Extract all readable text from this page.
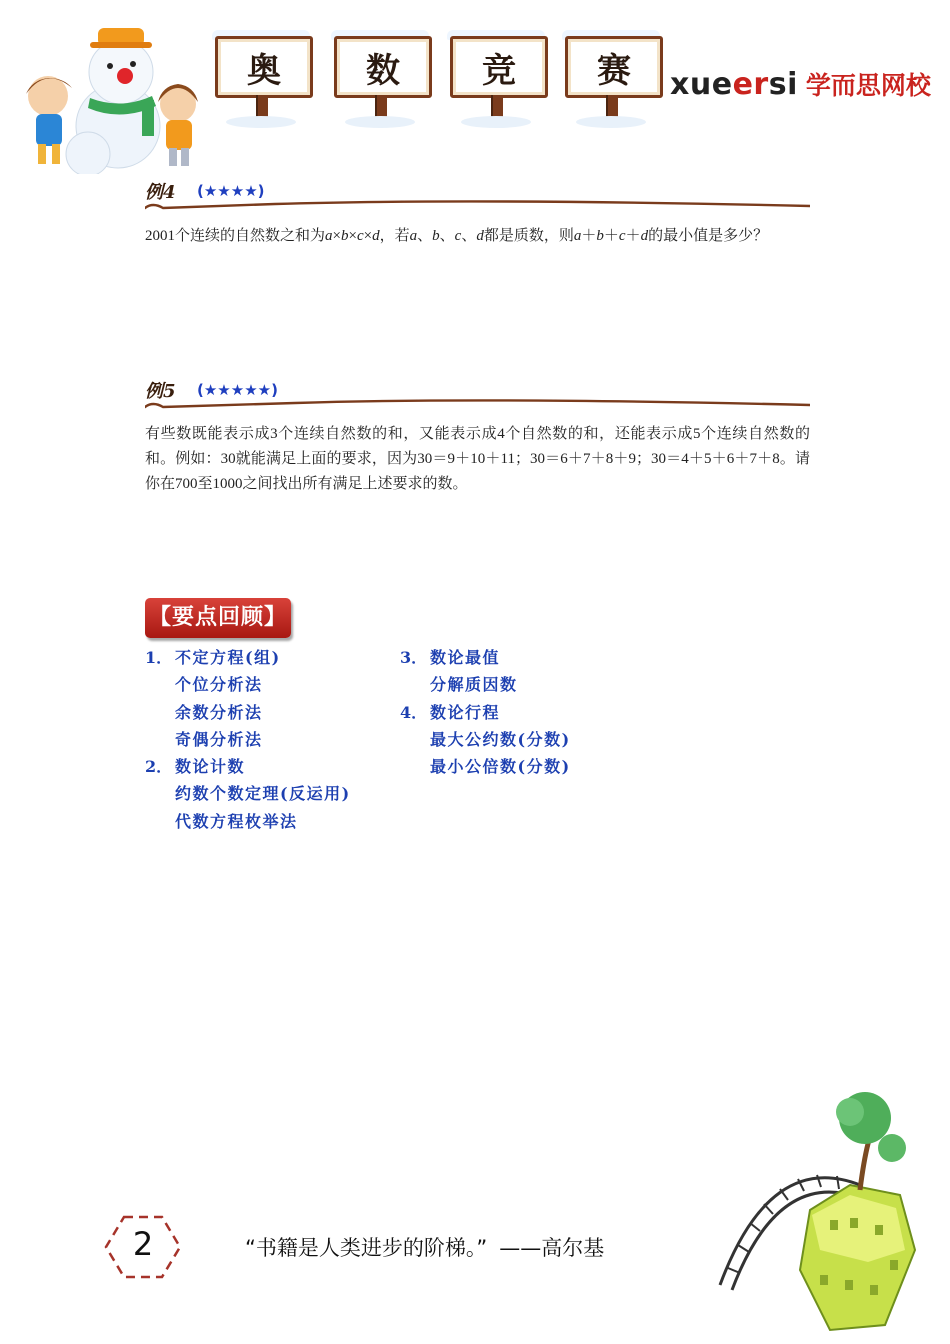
奥	数	竞	赛	xueersi 学而思网校
例4 (★★★★)
2001个连续的自然数之和为a×b×c×d，若a、b、c、d都是质数，则a＋b＋c＋d的最小值是多少？
例5 (★★★★★)
有些数既能表示成3个连续自然数的和，又能表示成4个自然数的和，还能表示成5个连续自然数的和。例如：30就能满足上面的要求，因为30＝9＋10＋11；30＝6＋7＋8＋9；30＝4＋5＋6＋7＋8。请你在700至1000之间找出所有满足上述要求的数。
【要点回顾】
1． 不定方程(组)
个位分析法
余数分析法
奇偶分析法
2． 数论计数
约数个数定理(反运用)
代数方程枚举法
3． 数论最值
分解质因数
4． 数论行程
最大公约数(分数)
最小公倍数(分数)
2	“书籍是人类进步的阶梯。” ——高尔基
